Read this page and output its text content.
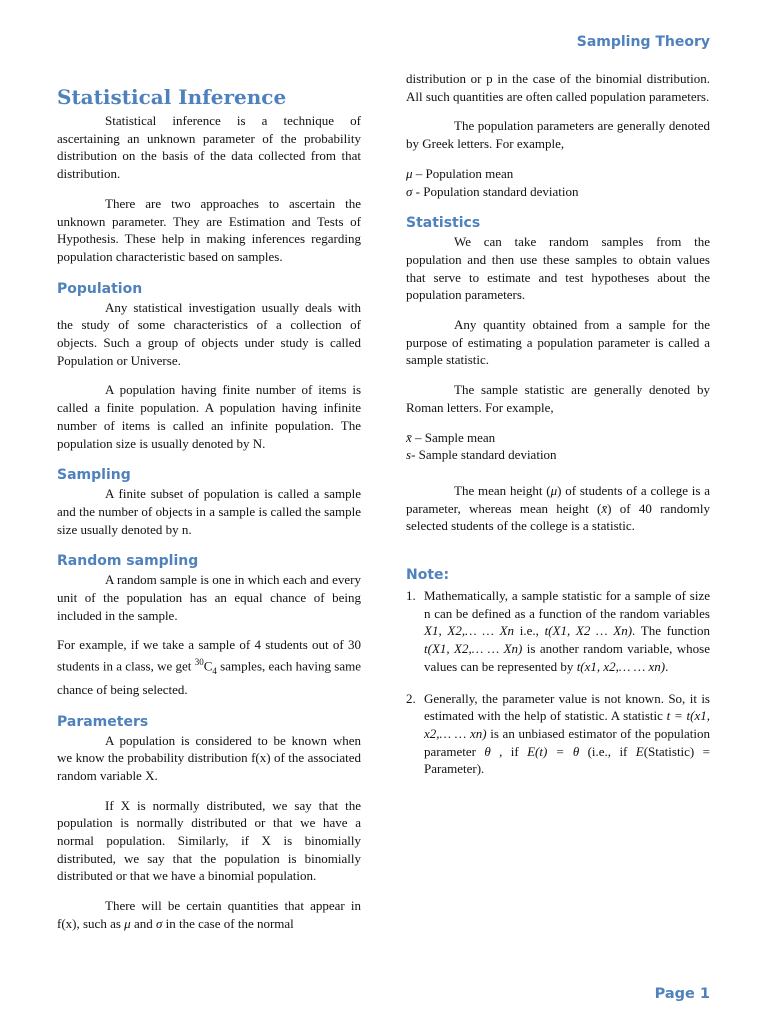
Sampling Theory
Statistical Inference

Statistical inference is a technique of ascertaining an unknown parameter of the probability distribution on the basis of the data collected from that distribution.

There are two approaches to ascertain the unknown parameter. They are Estimation and Tests of Hypothesis. These help in making inferences regarding population characteristic based on samples.

Population

Any statistical investigation usually deals with the study of some characteristics of a collection of objects. Such a group of objects under study is called Population or Universe.

A population having finite number of items is called a finite population. A population having infinite number of items is called an infinite population. The population size is usually denoted by N.

Sampling

A finite subset of population is called a sample and the number of objects in a sample is called the sample size usually denoted by n.

Random sampling

A random sample is one in which each and every unit of the population has an equal chance of being included in the sample.

For example, if we take a sample of 4 students out of 30 students in a class, we get $^{30}C_4$ samples, each having same chance of being selected.

Parameters

A population is considered to be known when we know the probability distribution f(x) of the associated random variable X.

If X is normally distributed, we say that the population is normally distributed or that we have a normal population. Similarly, if X is binomially distributed, we say that the population is binomially distributed or that we have a binomial population.

There will be certain quantities that appear in f(x), such as μ and σ in the case of the normal

distribution or p in the case of the binomial distribution. All such quantities are often called population parameters.

The population parameters are generally denoted by Greek letters. For example,

μ – Population mean

σ - Population standard deviation

Statistics

We can take random samples from the population and then use these samples to obtain values that serve to estimate and test hypotheses about the population parameters.

Any quantity obtained from a sample for the purpose of estimating a population parameter is called a sample statistic.

The sample statistic are generally denoted by Roman letters. For example,

x̄ – Sample mean

s- Sample standard deviation

The mean height (μ) of students of a college is a parameter, whereas mean height (x̄) of 40 randomly selected students of the college is a statistic.

Note:
1. Mathematically, a sample statistic for a sample of size n can be defined as a function of the random variables X1, X2,… … Xn i.e., t(X1, X2 … Xn). The function t(X1, X2,… … Xn) is another random variable, whose values can be represented by t(x1, x2,… … xn).
2. Generally, the parameter value is not known. So, it is estimated with the help of statistic. A statistic t = t(x1, x2,… … xn) is an unbiased estimator of the population parameter θ , if E(t) = θ (i.e., if E(Statistic) = Parameter).
Page 1
